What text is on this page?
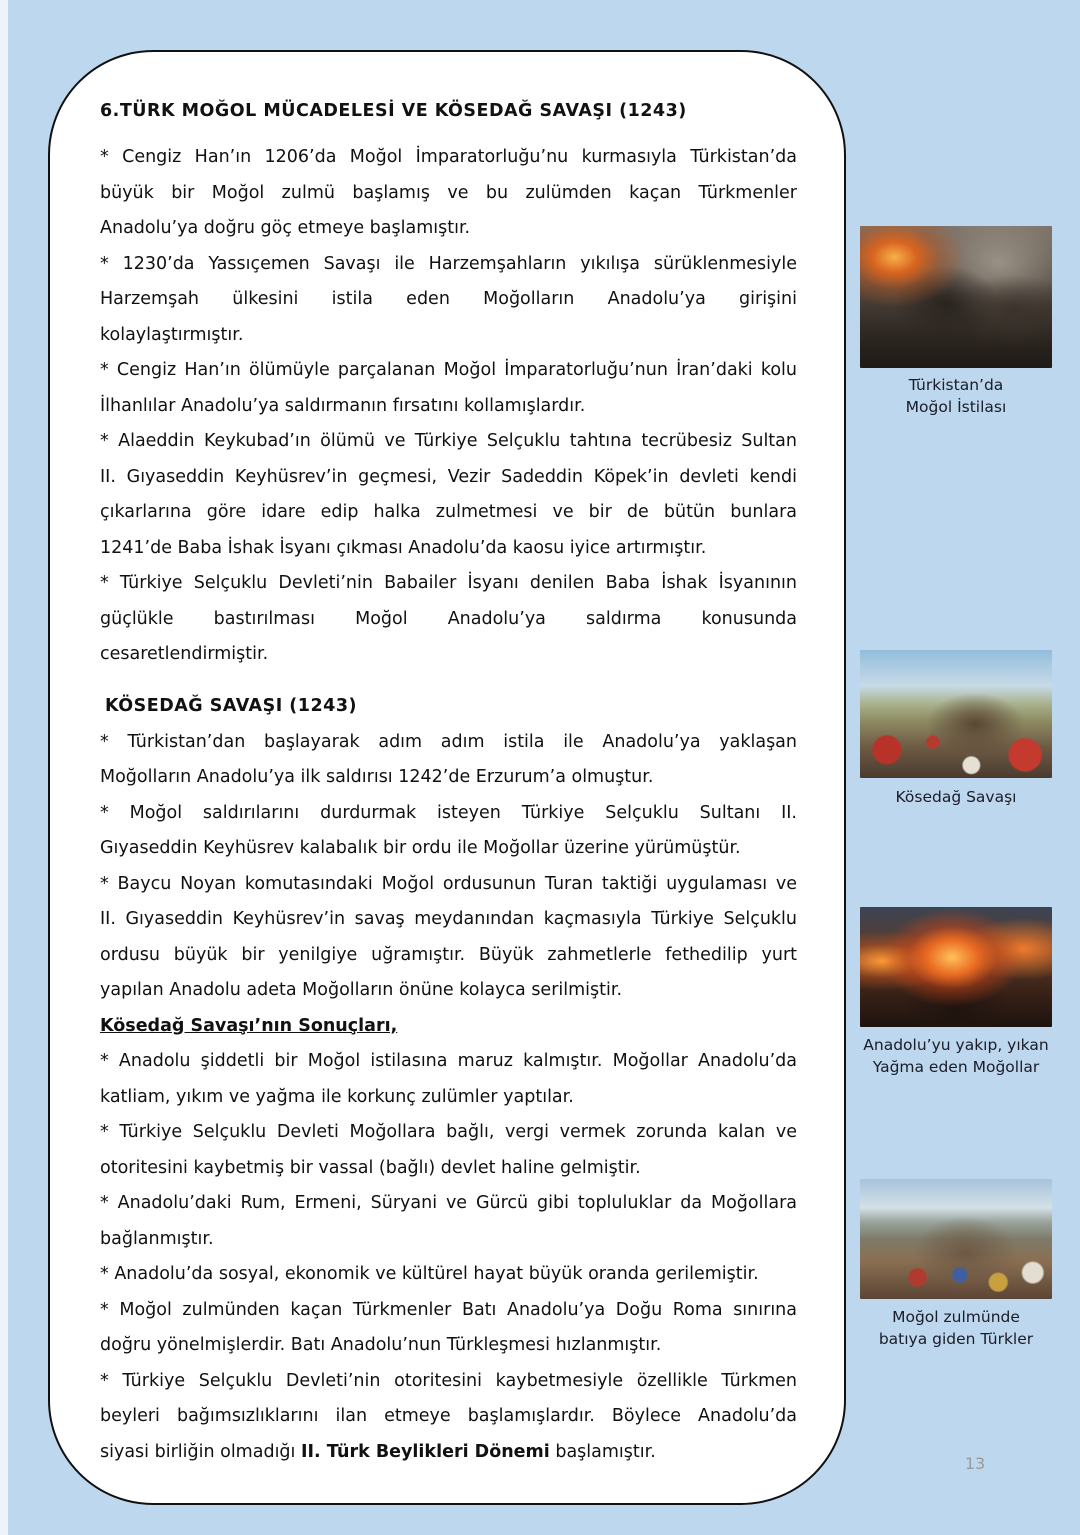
6.TÜRK MOĞOL MÜCADELESİ VE KÖSEDAĞ SAVAŞI (1243)
* Cengiz Han’ın 1206’da Moğol İmparatorluğu’nu kurmasıyla Türkistan’da
büyük bir Moğol zulmü başlamış ve bu zulümden kaçan Türkmenler
Anadolu’ya doğru göç etmeye başlamıştır.
* 1230’da Yassıçemen Savaşı ile Harzemşahların yıkılışa sürüklenmesiyle
Harzemşah ülkesini istila eden Moğolların Anadolu’ya girişini
kolaylaştırmıştır.
* Cengiz Han’ın ölümüyle parçalanan Moğol İmparatorluğu’nun İran’daki kolu
İlhanlılar Anadolu’ya saldırmanın fırsatını kollamışlardır.
* Alaeddin Keykubad’ın ölümü ve Türkiye Selçuklu tahtına tecrübesiz Sultan
II. Gıyaseddin Keyhüsrev’in geçmesi, Vezir Sadeddin Köpek’in devleti kendi
çıkarlarına göre idare edip halka zulmetmesi ve bir de bütün bunlara
1241’de Baba İshak İsyanı çıkması Anadolu’da kaosu iyice artırmıştır.
* Türkiye Selçuklu Devleti’nin Babailer İsyanı denilen Baba İshak İsyanının
güçlükle bastırılması Moğol Anadolu’ya saldırma konusunda
cesaretlendirmiştir.
KÖSEDAĞ SAVAŞI (1243)
* Türkistan’dan başlayarak adım adım istila ile Anadolu’ya yaklaşan
Moğolların Anadolu’ya ilk saldırısı 1242’de Erzurum’a olmuştur.
* Moğol saldırılarını durdurmak isteyen Türkiye Selçuklu Sultanı II.
Gıyaseddin Keyhüsrev kalabalık bir ordu ile Moğollar üzerine yürümüştür.
* Baycu Noyan komutasındaki Moğol ordusunun Turan taktiği uygulaması ve
II. Gıyaseddin Keyhüsrev’in savaş meydanından kaçmasıyla Türkiye Selçuklu
ordusu büyük bir yenilgiye uğramıştır. Büyük zahmetlerle fethedilip yurt
yapılan Anadolu adeta Moğolların önüne kolayca serilmiştir.
Kösedağ Savaşı’nın Sonuçları,
* Anadolu şiddetli bir Moğol istilasına maruz kalmıştır. Moğollar Anadolu’da
katliam, yıkım ve yağma ile korkunç zulümler yaptılar.
* Türkiye Selçuklu Devleti Moğollara bağlı, vergi vermek zorunda kalan ve
otoritesini kaybetmiş bir vassal (bağlı) devlet haline gelmiştir.
* Anadolu’daki Rum, Ermeni, Süryani ve Gürcü gibi topluluklar da Moğollara
bağlanmıştır.
* Anadolu’da sosyal, ekonomik ve kültürel hayat büyük oranda gerilemiştir.
* Moğol zulmünden kaçan Türkmenler Batı Anadolu’ya Doğu Roma sınırına
doğru yönelmişlerdir. Batı Anadolu’nun Türkleşmesi hızlanmıştır.
* Türkiye Selçuklu Devleti’nin otoritesini kaybetmesiyle özellikle Türkmen
beyleri bağımsızlıklarını ilan etmeye başlamışlardır. Böylece Anadolu’da
siyasi birliğin olmadığı II. Türk Beylikleri Dönemi başlamıştır.
Türkistan’da
Moğol İstilası
Kösedağ Savaşı
Anadolu’yu yakıp, yıkan
Yağma eden Moğollar
Moğol zulmünde
batıya giden Türkler
13
